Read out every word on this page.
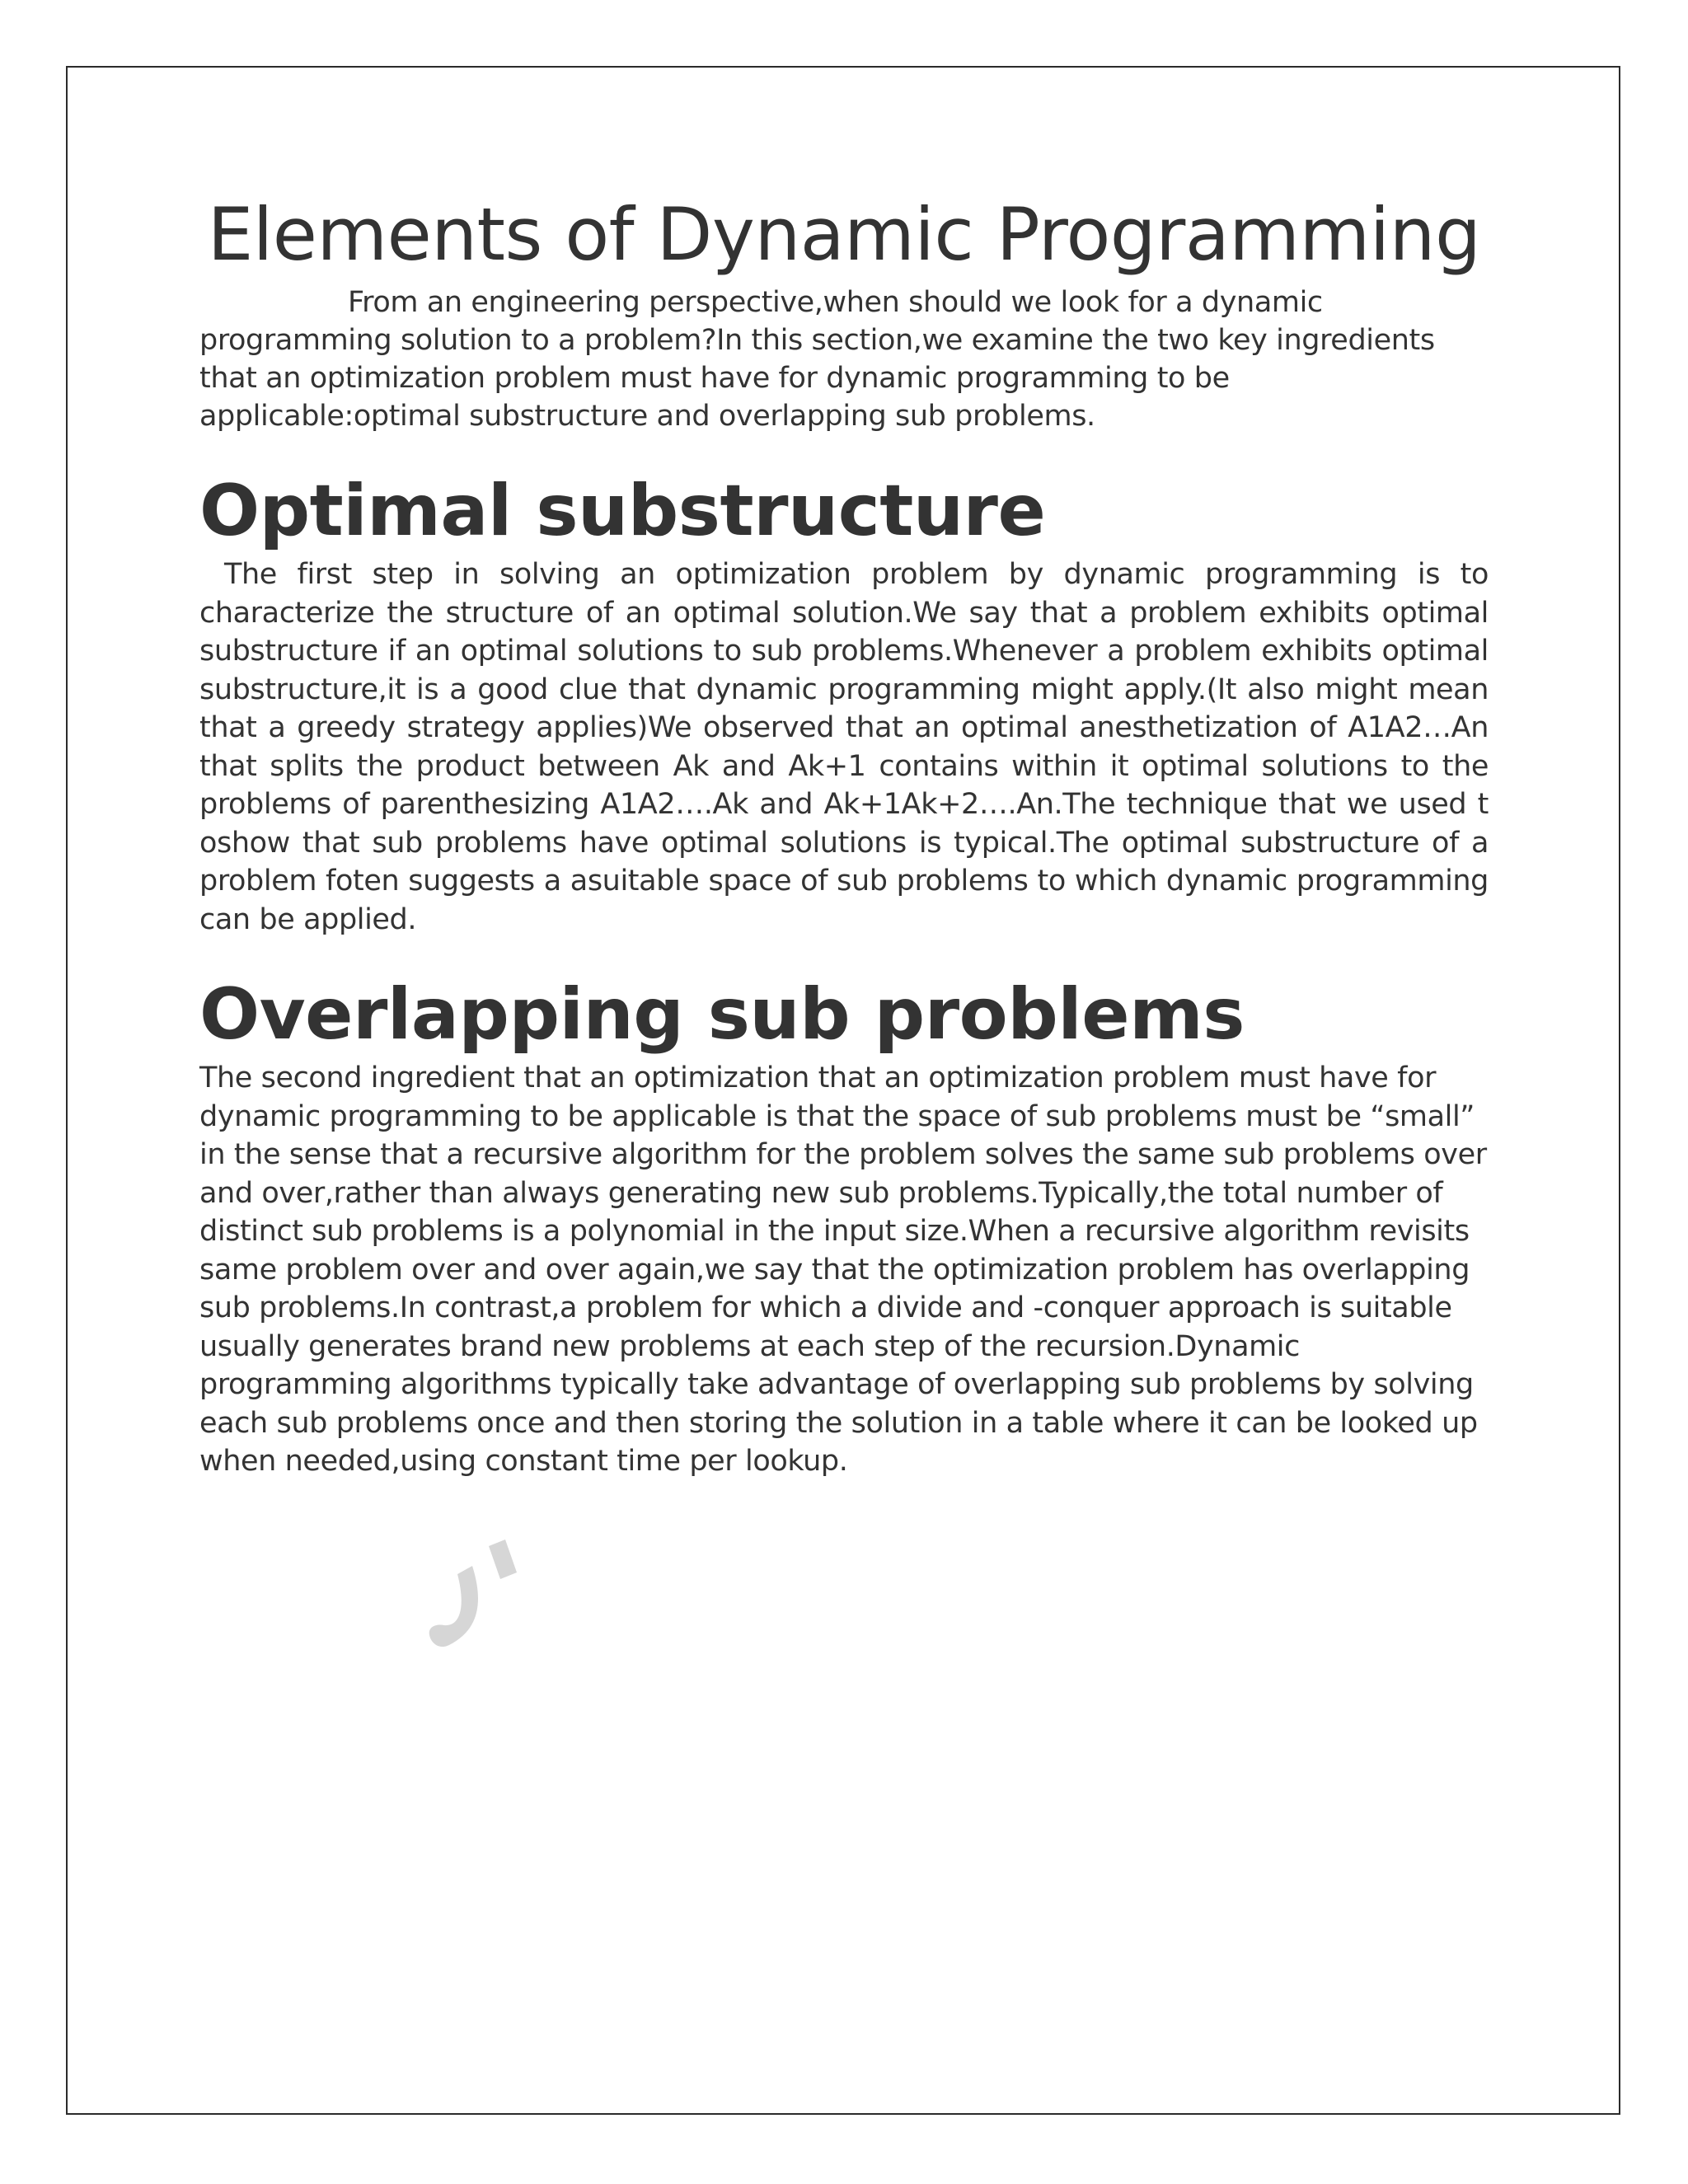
Elements of Dynamic Programming

From an engineering perspective,when should we look for a dynamic programming solution to a problem?In this section,we examine the two key ingredients that an optimization problem must have for dynamic programming to be applicable:optimal substructure and overlapping sub problems.

Optimal substructure

The first step in solving an optimization problem by dynamic programming is to characterize the structure of an optimal solution.We say that a problem exhibits optimal substructure if an optimal solutions to sub problems.Whenever a problem exhibits optimal substructure,it is a good clue that dynamic programming might apply.(It also might mean that a greedy strategy applies)We observed that an optimal anesthetization of A1A2…An that splits the product between Ak and Ak+1 contains within it optimal solutions to the problems of parenthesizing A1A2….Ak and Ak+1Ak+2….An.The technique that we used t oshow that sub problems have optimal solutions is typical.The optimal substructure of a problem foten suggests a asuitable space of sub problems to which dynamic programming can be applied.

Overlapping sub problems

The second ingredient that an optimization that an optimization problem must have for dynamic programming to be applicable is that the space of sub problems must be “small” in the sense that a recursive algorithm for the problem solves the same sub problems over and over,rather than always generating new sub problems.Typically,the total number of distinct sub problems is a polynomial in the input size.When a recursive algorithm revisits same problem over and over again,we say that the optimization problem has overlapping sub problems.In contrast,a problem for which a divide and -conquer approach is suitable usually generates brand new problems at each step of the recursion.Dynamic programming algorithms typically take advantage of overlapping sub problems by solving each sub problems once and then storing the solution in a table where it can be looked up when needed,using constant time per lookup.
